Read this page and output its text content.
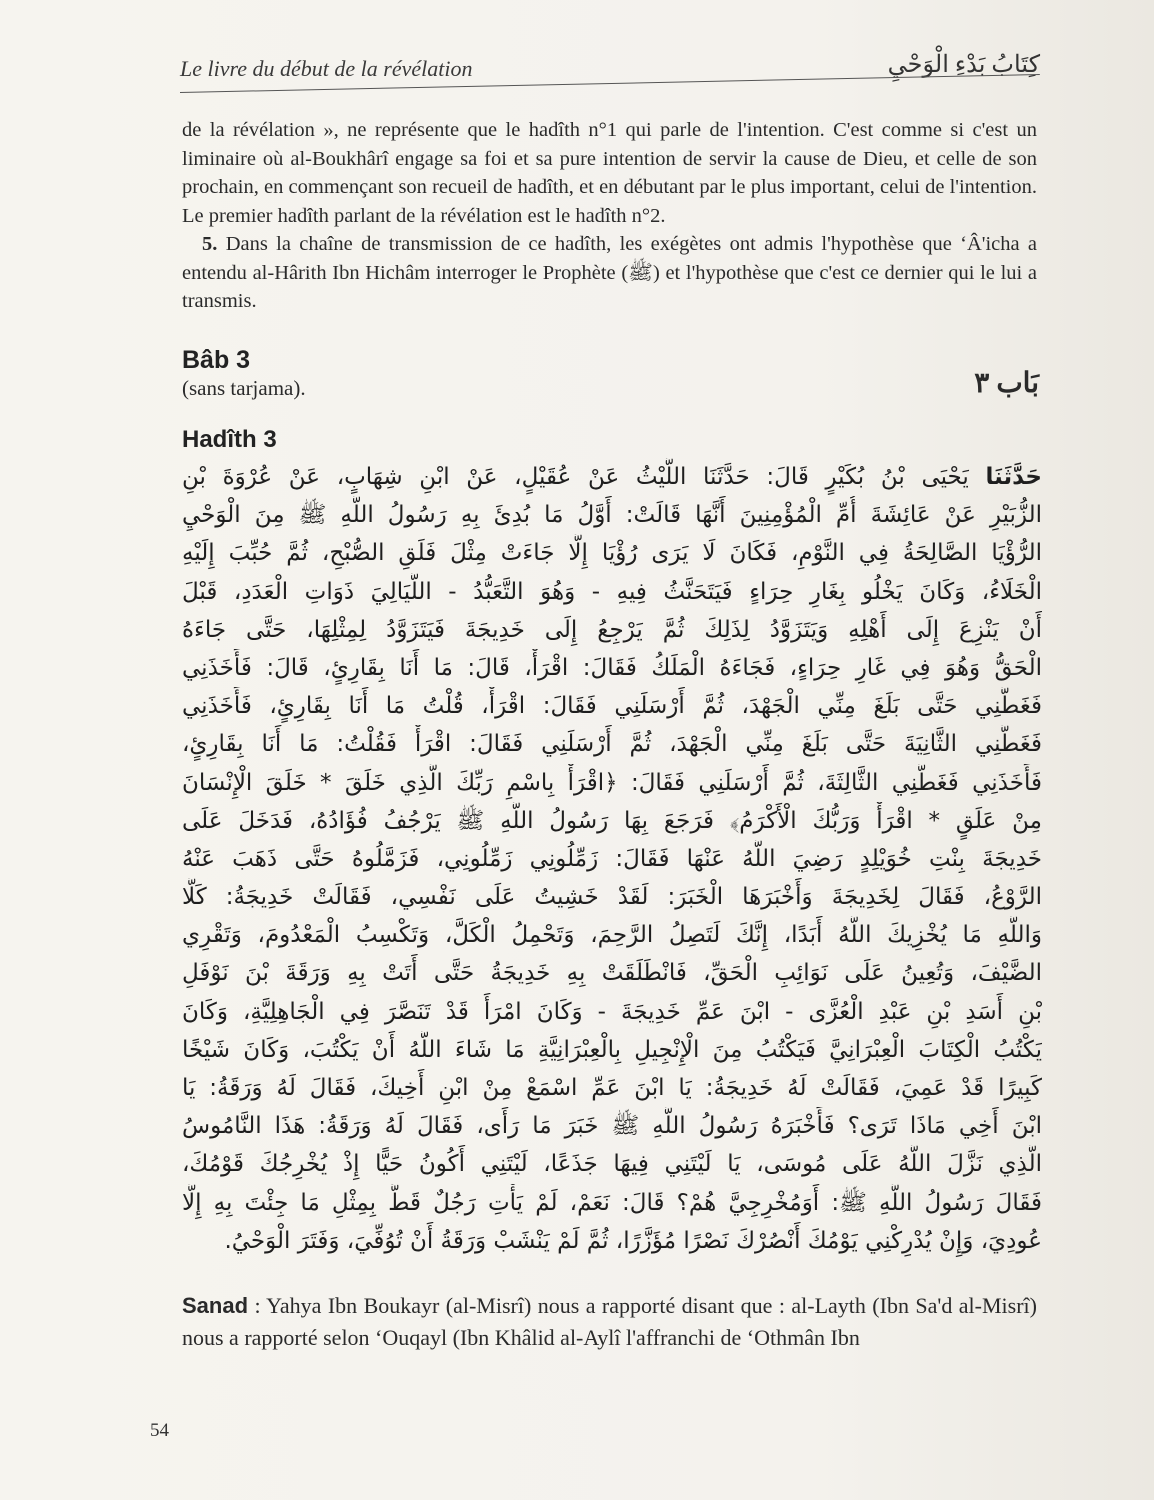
Le livre du début de la révélation	كِتَابُ بَدْءِ الْوَحْيِ

de la révélation », ne représente que le hadîth n°1 qui parle de l'intention. C'est comme si c'est un liminaire où al-Boukhârî engage sa foi et sa pure intention de servir la cause de Dieu, et celle de son prochain, en commençant son recueil de hadîth, et en débutant par le plus important, celui de l'intention. Le premier hadîth parlant de la révélation est le hadîth n°2.

5. Dans la chaîne de transmission de ce hadîth, les exégètes ont admis l'hypothèse que ‘Â'icha a entendu al-Hârith Ibn Hichâm interroger le Prophète (ﷺ) et l'hypothèse que c'est ce dernier qui le lui a transmis.

Bâb 3
(sans tarjama).	بَاب ٣
Hadîth 3
حَدَّثَنَا يَحْيَى بْنُ بُكَيْرٍ قَالَ: حَدَّثَنَا اللَّيْثُ عَنْ عُقَيْلٍ، عَنْ ابْنِ شِهَابٍ، عَنْ عُرْوَةَ بْنِ
الزُّبَيْرِ عَنْ عَائِشَةَ أُمِّ الْمُؤْمِنِينَ أَنَّهَا قَالَتْ: أَوَّلُ مَا بُدِئَ بِهِ رَسُولُ اللَّهِ ﷺ مِنَ الْوَحْيِ
الرُّؤْيَا الصَّالِحَةُ فِي النَّوْمِ، فَكَانَ لَا يَرَى رُؤْيَا إِلَّا جَاءَتْ مِثْلَ فَلَقِ الصُّبْحِ، ثُمَّ حُبِّبَ إِلَيْهِ
الْخَلَاءُ، وَكَانَ يَخْلُو بِغَارِ حِرَاءٍ فَيَتَحَنَّثُ فِيهِ - وَهُوَ التَّعَبُّدُ - اللَّيَالِيَ ذَوَاتِ الْعَدَدِ، قَبْلَ
أَنْ يَنْزِعَ إِلَى أَهْلِهِ وَيَتَزَوَّدُ لِذَلِكَ ثُمَّ يَرْجِعُ إِلَى خَدِيجَةَ فَيَتَزَوَّدُ لِمِثْلِهَا، حَتَّى جَاءَهُ
الْحَقُّ وَهُوَ فِي غَارِ حِرَاءٍ، فَجَاءَهُ الْمَلَكُ فَقَالَ: اقْرَأْ، قَالَ: مَا أَنَا بِقَارِئٍ، قَالَ: فَأَخَذَنِي
فَغَطَّنِي حَتَّى بَلَغَ مِنِّي الْجَهْدَ، ثُمَّ أَرْسَلَنِي فَقَالَ: اقْرَأْ، قُلْتُ مَا أَنَا بِقَارِئٍ، فَأَخَذَنِي
فَغَطَّنِي الثَّانِيَةَ حَتَّى بَلَغَ مِنِّي الْجَهْدَ، ثُمَّ أَرْسَلَنِي فَقَالَ: اقْرَأْ فَقُلْتُ: مَا أَنَا بِقَارِئٍ،
فَأَخَذَنِي فَغَطَّنِي الثَّالِثَةَ، ثُمَّ أَرْسَلَنِي فَقَالَ: ﴿اقْرَأْ بِاسْمِ رَبِّكَ الَّذِي خَلَقَ * خَلَقَ الْإِنْسَانَ
مِنْ عَلَقٍ * اقْرَأْ وَرَبُّكَ الْأَكْرَمُ﴾ فَرَجَعَ بِهَا رَسُولُ اللَّهِ ﷺ يَرْجُفُ فُؤَادُهُ، فَدَخَلَ عَلَى
خَدِيجَةَ بِنْتِ خُوَيْلِدٍ رَضِيَ اللَّهُ عَنْهَا فَقَالَ: زَمِّلُونِي زَمِّلُونِي، فَزَمَّلُوهُ حَتَّى ذَهَبَ عَنْهُ
الرَّوْعُ، فَقَالَ لِخَدِيجَةَ وَأَخْبَرَهَا الْخَبَرَ: لَقَدْ خَشِيتُ عَلَى نَفْسِي، فَقَالَتْ خَدِيجَةُ: كَلَّا
وَاللَّهِ مَا يُخْزِيكَ اللَّهُ أَبَدًا، إِنَّكَ لَتَصِلُ الرَّحِمَ، وَتَحْمِلُ الْكَلَّ، وَتَكْسِبُ الْمَعْدُومَ، وَتَقْرِي
الضَّيْفَ، وَتُعِينُ عَلَى نَوَائِبِ الْحَقِّ، فَانْطَلَقَتْ بِهِ خَدِيجَةُ حَتَّى أَتَتْ بِهِ وَرَقَةَ بْنَ نَوْفَلِ
بْنِ أَسَدِ بْنِ عَبْدِ الْعُزَّى - ابْنَ عَمِّ خَدِيجَةَ - وَكَانَ امْرَأً قَدْ تَنَصَّرَ فِي الْجَاهِلِيَّةِ، وَكَانَ
يَكْتُبُ الْكِتَابَ الْعِبْرَانِيَّ فَيَكْتُبُ مِنَ الْإِنْجِيلِ بِالْعِبْرَانِيَّةِ مَا شَاءَ اللَّهُ أَنْ يَكْتُبَ، وَكَانَ شَيْخًا
كَبِيرًا قَدْ عَمِيَ، فَقَالَتْ لَهُ خَدِيجَةُ: يَا ابْنَ عَمِّ اسْمَعْ مِنْ ابْنِ أَخِيكَ، فَقَالَ لَهُ وَرَقَةُ: يَا
ابْنَ أَخِي مَاذَا تَرَى؟ فَأَخْبَرَهُ رَسُولُ اللَّهِ ﷺ خَبَرَ مَا رَأَى، فَقَالَ لَهُ وَرَقَةُ: هَذَا النَّامُوسُ
الَّذِي نَزَّلَ اللَّهُ عَلَى مُوسَى، يَا لَيْتَنِي فِيهَا جَذَعًا، لَيْتَنِي أَكُونُ حَيًّا إِذْ يُخْرِجُكَ قَوْمُكَ،
فَقَالَ رَسُولُ اللَّهِ ﷺ: أَوَمُخْرِجِيَّ هُمْ؟ قَالَ: نَعَمْ، لَمْ يَأْتِ رَجُلٌ قَطُّ بِمِثْلِ مَا جِئْتَ بِهِ إِلَّا
عُودِيَ، وَإِنْ يُدْرِكْنِي يَوْمُكَ أَنْصُرْكَ نَصْرًا مُؤَزَّرًا، ثُمَّ لَمْ يَنْشَبْ وَرَقَةُ أَنْ تُوُفِّيَ، وَفَتَرَ الْوَحْيُ.
Sanad : Yahya Ibn Boukayr (al-Misrî) nous a rapporté disant que : al-Layth (Ibn Sa'd al-Misrî) nous a rapporté selon ‘Ouqayl (Ibn Khâlid al-Aylî l'affranchi de ‘Othmân Ibn
54
